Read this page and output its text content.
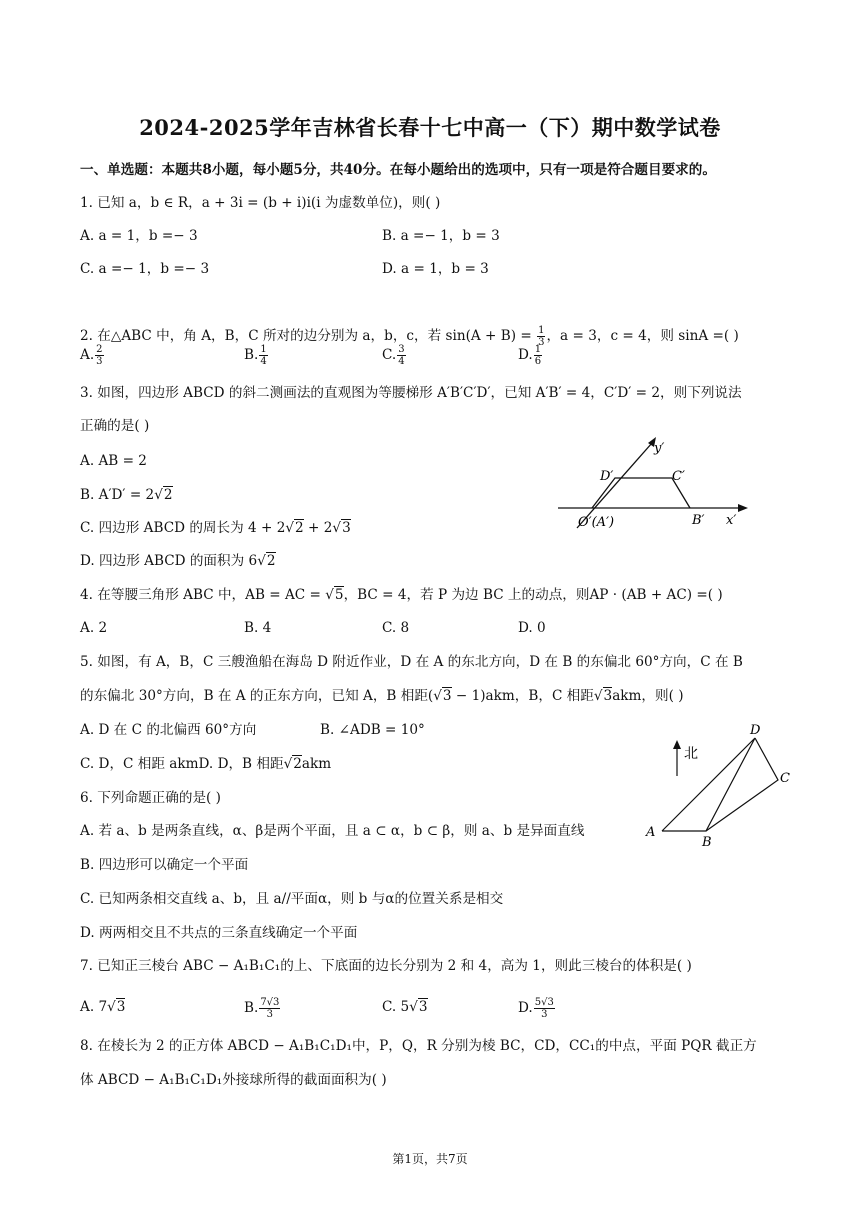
2024-2025学年吉林省长春十七中高一（下）期中数学试卷
一、单选题：本题共8小题，每小题5分，共40分。在每小题给出的选项中，只有一项是符合题目要求的。
1. 已知 a，b ∈ R，a + 3i = (b + i)i(i 为虚数单位)，则( )
A. a = 1，b =− 3	B. a =− 1，b = 3
C. a =− 1，b =− 3	D. a = 1，b = 3
2. 在△ABC 中，角 A，B，C 所对的边分别为 a，b，c，若 $\sin(A + B) = \frac{1}{3}$ ，a = 3，c = 4，则 sinA =( )
A. $\frac{2}{3}$	B. $\frac{1}{4}$	C. $\frac{3}{4}$	D. $\frac{1}{6}$
3. 如图，四边形 ABCD 的斜二测画法的直观图为等腰梯形 A′B′C′D′，已知 A′B′ = 4，C′D′ = 2，则下列说法
正确的是( )
A. AB = 2
B. A′D′ = 2√2
C. 四边形 ABCD 的周长为 4 + 2√2 + 2√3
D. 四边形 ABCD 的面积为 6√2
y′
x′
D′	C′
B′
O′(A′)
4. 在等腰三角形 ABC 中，AB = AC = √5，BC = 4，若 P 为边 BC 上的动点，则AP · (AB + AC) =( )
A. 2	B. 4	C. 8	D. 0
5. 如图，有 A，B，C 三艘渔船在海岛 D 附近作业，D 在 A 的东北方向，D 在 B 的东偏北 60°方向，C 在 B
的东偏北 30°方向，B 在 A 的正东方向，已知 A，B 相距(√3 − 1)akm，B，C 相距√3akm，则( )
A. D 在 C 的北偏西 60°方向	B. ∠ADB = 10°
C. D，C 相距 akmD. D，B 相距√2akm
北
A
B
C
D
6. 下列命题正确的是( )
A. 若 a、b 是两条直线，α、β是两个平面，且 a ⊂ α，b ⊂ β，则 a、b 是异面直线
B. 四边形可以确定一个平面
C. 已知两条相交直线 a、b，且 a//平面α，则 b 与α的位置关系是相交
D. 两两相交且不共点的三条直线确定一个平面
7. 已知正三棱台 ABC − A₁B₁C₁的上、下底面的边长分别为 2 和 4，高为 1，则此三棱台的体积是( )
A. 7√3	B. $\frac{7√3}{3}$	C. 5√3	D. $\frac{5√3}{3}$
8. 在棱长为 2 的正方体 ABCD − A₁B₁C₁D₁中，P，Q，R 分别为棱 BC，CD，CC₁的中点，平面 PQR 截正方
体 ABCD − A₁B₁C₁D₁外接球所得的截面面积为( )
第1页，共7页
